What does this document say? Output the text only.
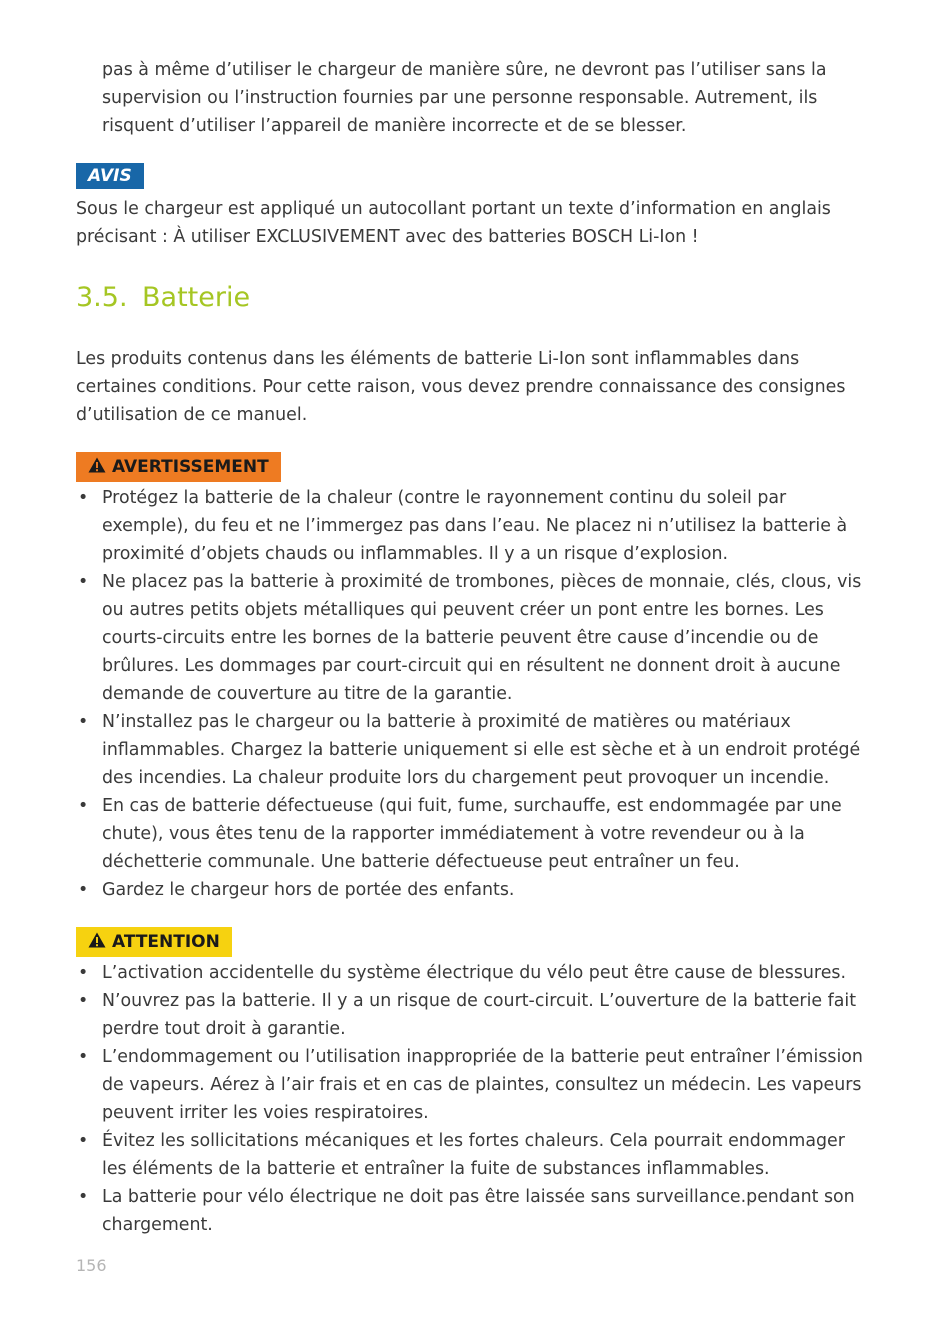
pas à même d’utiliser le chargeur de manière sûre, ne devront pas l’utiliser sans la supervision ou l’instruction fournies par une personne responsable. Autrement, ils risquent d’utiliser l’appareil de manière incorrecte et de se blesser.

AVIS

Sous le chargeur est appliqué un autocollant portant un texte d’information en anglais précisant : À utiliser EXCLUSIVEMENT avec des batteries BOSCH Li-Ion !

3.5. Batterie

Les produits contenus dans les éléments de batterie Li-Ion sont inflammables dans certaines conditions. Pour cette raison, vous devez prendre connaissance des consignes d’utilisation de ce manuel.

AVERTISSEMENT
• Protégez la batterie de la chaleur (contre le rayonnement continu du soleil par exemple), du feu et ne l’immergez pas dans l’eau. Ne placez ni n’utilisez la batterie à proximité d’objets chauds ou inflammables. Il y a un risque d’explosion.
• Ne placez pas la batterie à proximité de trombones, pièces de monnaie, clés, clous, vis ou autres petits objets métalliques qui peuvent créer un pont entre les bornes. Les courts-circuits entre les bornes de la batterie peuvent être cause d’incendie ou de brûlures. Les dommages par court-circuit qui en résultent ne donnent droit à aucune demande de couverture au titre de la garantie.
• N’installez pas le chargeur ou la batterie à proximité de matières ou matériaux inflammables. Chargez la batterie uniquement si elle est sèche et à un endroit protégé des incendies. La chaleur produite lors du chargement peut provoquer un incendie.
• En cas de batterie défectueuse (qui fuit, fume, surchauffe, est endommagée par une chute), vous êtes tenu de la rapporter immédiatement à votre revendeur ou à la déchetterie communale. Une batterie défectueuse peut entraîner un feu.
• Gardez le chargeur hors de portée des enfants.
ATTENTION
• L’activation accidentelle du système électrique du vélo peut être cause de blessures.
• N’ouvrez pas la batterie. Il y a un risque de court-circuit. L’ouverture de la batterie fait perdre tout droit à garantie.
• L’endommagement ou l’utilisation inappropriée de la batterie peut entraîner l’émission de vapeurs. Aérez à l’air frais et en cas de plaintes, consultez un médecin. Les vapeurs peuvent irriter les voies respiratoires.
• Évitez les sollicitations mécaniques et les fortes chaleurs. Cela pourrait endommager les éléments de la batterie et entraîner la fuite de substances inflammables.
• La batterie pour vélo électrique ne doit pas être laissée sans surveillance.pendant son chargement.
156
